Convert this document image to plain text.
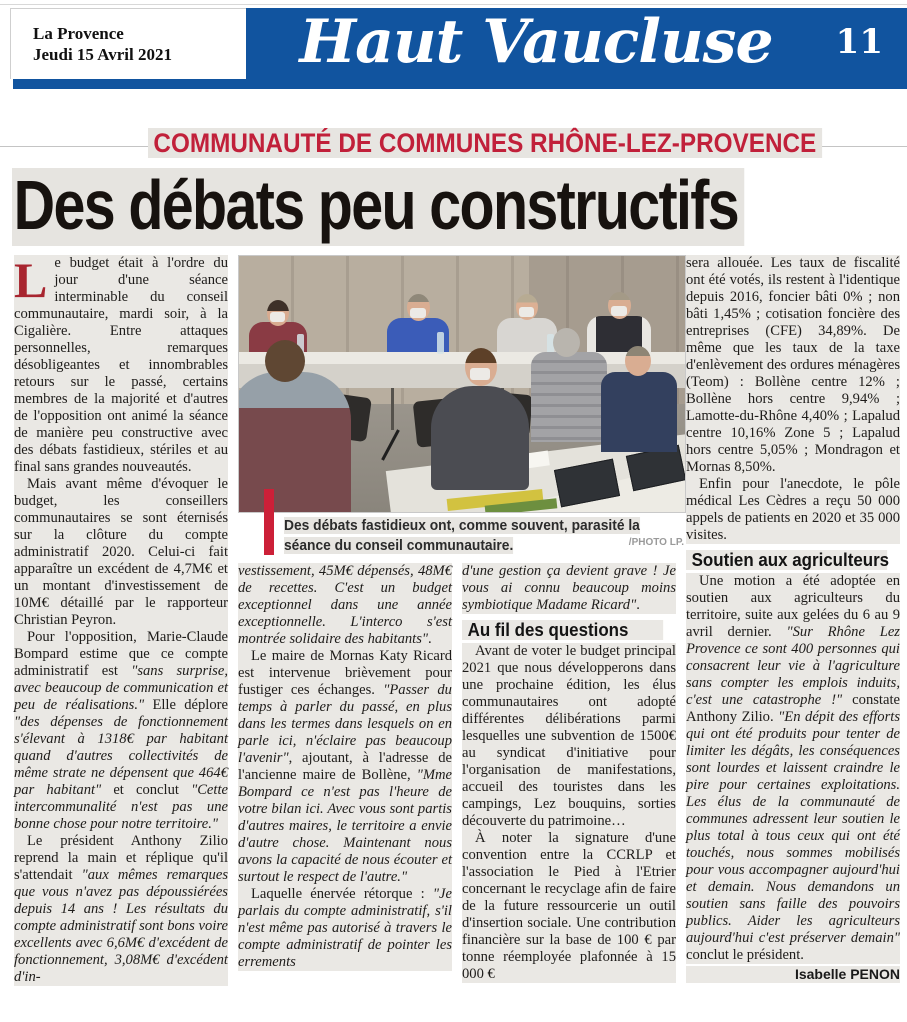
Haut Vaucluse	11
La Provence
Jeudi 15 Avril 2021
COMMUNAUTÉ DE COMMUNES RHÔNE-LEZ-PROVENCE
Des débats peu constructifs
Des débats fastidieux ont, comme souvent, parasité la séance du conseil communautaire.	/PHOTO LP.

L e budget était à l'ordre du jour d'une séance interminable du conseil communautaire, mardi soir, à la Cigalière. Entre attaques personnelles, remarques désobligeantes et innombrables retours sur le passé, certains membres de la majorité et d'autres de l'opposition ont animé la séance de manière peu constructive avec des débats fastidieux, stériles et au final sans grandes nouveautés.

Mais avant même d'évoquer le budget, les conseillers communautaires se sont éternisés sur la clôture du compte administratif 2020. Celui-ci fait apparaître un excédent de 4,7M€ et un montant d'investissement de 10M€ détaillé par le rapporteur Christian Peyron.

Pour l'opposition, Marie-Claude Bompard estime que ce compte administratif est "sans surprise, avec beaucoup de communication et peu de réalisations." Elle déplore "des dépenses de fonctionnement s'élevant à 1318€ par habitant quand d'autres collectivités de même strate ne dépensent que 464€ par habitant" et conclut "Cette intercommunalité n'est pas une bonne chose pour notre territoire."

Le président Anthony Zilio reprend la main et réplique qu'il s'attendait "aux mêmes remarques que vous n'avez pas dépoussiérées depuis 14 ans ! Les résultats du compte administratif sont bons voire excellents avec 6,6M€ d'excédent de fonctionnement, 3,08M€ d'excédent d'in-

vestissement, 45M€ dépensés, 48M€ de recettes. C'est un budget exceptionnel dans une année exceptionnelle. L'interco s'est montrée solidaire des habitants".

Le maire de Mornas Katy Ricard est intervenue brièvement pour fustiger ces échanges. "Passer du temps à parler du passé, en plus dans les termes dans lesquels on en parle ici, n'éclaire pas beaucoup l'avenir", ajoutant, à l'adresse de l'ancienne maire de Bollène, "Mme Bompard ce n'est pas l'heure de votre bilan ici. Avec vous sont partis d'autres maires, le territoire a envie d'autre chose. Maintenant nous avons la capacité de nous écouter et surtout le respect de l'autre."

Laquelle énervée rétorque : "Je parlais du compte administratif, s'il n'est même pas autorisé à travers le compte administratif de pointer les errements

d'une gestion ça devient grave ! Je vous ai connu beaucoup moins symbiotique Madame Ricard".

Au fil des questions

Avant de voter le budget principal 2021 que nous développerons dans une prochaine édition, les élus communautaires ont adopté différentes délibérations parmi lesquelles une subvention de 1500€ au syndicat d'initiative pour l'organisation de manifestations, accueil des touristes dans les campings, Lez bouquins, sorties découverte du patrimoine…

À noter la signature d'une convention entre la CCRLP et l'association le Pied à l'Etrier concernant le recyclage afin de faire de la future ressourcerie un outil d'insertion sociale. Une contribution financière sur la base de 100 € par tonne réemployée plafonnée à 15 000 €

sera allouée. Les taux de fiscalité ont été votés, ils restent à l'identique depuis 2016, foncier bâti 0% ; non bâti 1,45% ; cotisation foncière des entreprises (CFE) 34,89%. De même que les taux de la taxe d'enlèvement des ordures ménagères (Teom) : Bollène centre 12% ; Bollène hors centre 9,94% ; Lamotte-du-Rhône 4,40% ; Lapalud centre 10,16% Zone 5 ; Lapalud hors centre 5,05% ; Mondragon et Mornas 8,50%.

Enfin pour l'anecdote, le pôle médical Les Cèdres a reçu 50 000 appels de patients en 2020 et 35 000 visites.

Soutien aux agriculteurs

Une motion a été adoptée en soutien aux agriculteurs du territoire, suite aux gelées du 6 au 9 avril dernier. "Sur Rhône Lez Provence ce sont 400 personnes qui consacrent leur vie à l'agriculture sans compter les emplois induits, c'est une catastrophe !" constate Anthony Zilio. "En dépit des efforts qui ont été produits pour tenter de limiter les dégâts, les conséquences sont lourdes et laissent craindre le pire pour certaines exploitations. Les élus de la communauté de communes adressent leur soutien le plus total à tous ceux qui ont été touchés, nous sommes mobilisés pour vous accompagner aujourd'hui et demain. Nous demandons un soutien sans faille des pouvoirs publics. Aider les agriculteurs aujourd'hui c'est préserver demain" conclut le président.

Isabelle PENON
